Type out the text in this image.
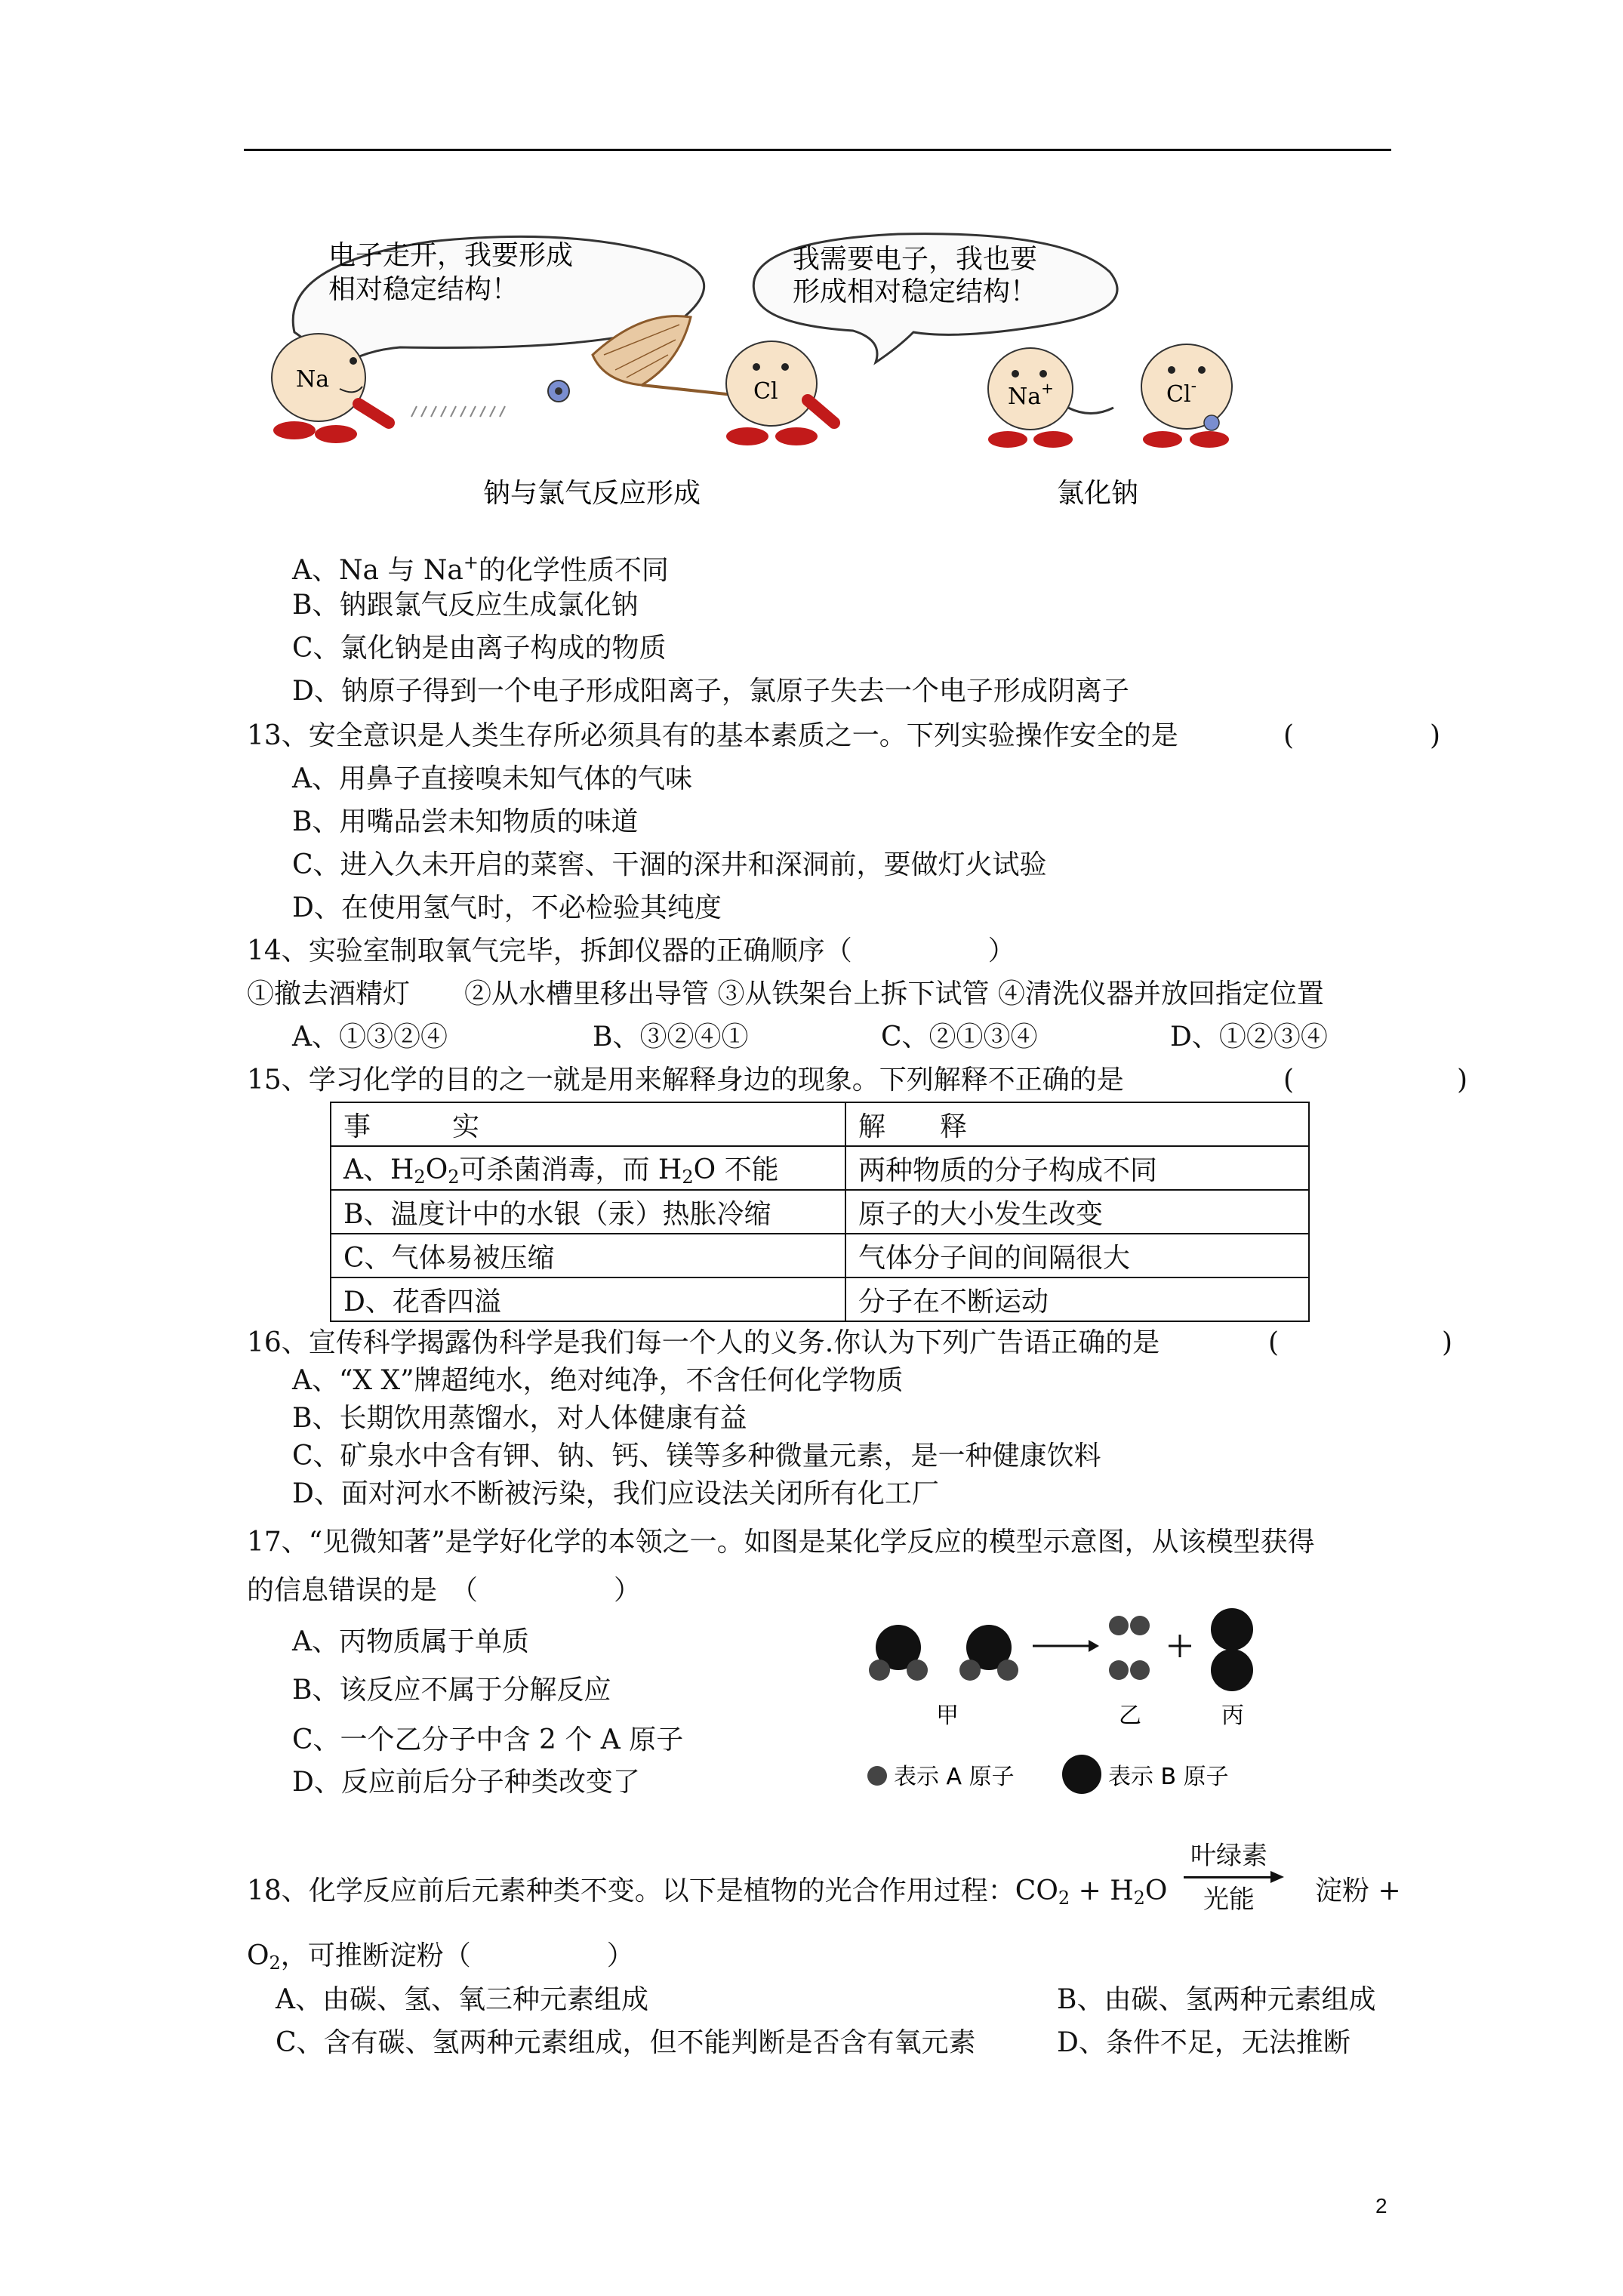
电子走开，我要形成
相对稳定结构！
我需要电子，我也要
形成相对稳定结构！
Na	Cl	Na+	Cl-
钠与氯气反应形成	氯化钠
A、Na 与 Na+的化学性质不同
B、钠跟氯气反应生成氯化钠
C、氯化钠是由离子构成的物质
D、钠原子得到一个电子形成阳离子，氯原子失去一个电子形成阴离子
13、安全意识是人类生存所必须具有的基本素质之一。下列实验操作安全的是	(　　　　　)
A、用鼻子直接嗅未知气体的气味
B、用嘴品尝未知物质的味道
C、进入久未开启的菜窖、干涸的深井和深洞前，要做灯火试验
D、在使用氢气时，不必检验其纯度
14、实验室制取氧气完毕，拆卸仪器的正确顺序（　　　　　）
①撤去酒精灯　　②从水槽里移出导管 ③从铁架台上拆下试管 ④清洗仪器并放回指定位置
A、①③②④	B、③②④①	C、②①③④	D、①②③④
15、学习化学的目的之一就是用来解释身边的现象。下列解释不正确的是	(　　　　　　)
事　　　实	解　　释
A、$H_2O_2$可杀菌消毒，而 $H_2O$ 不能	两种物质的分子构成不同
B、温度计中的水银（汞）热胀冷缩	原子的大小发生改变
C、气体易被压缩	气体分子间的间隔很大
D、花香四溢	分子在不断运动
16、宣传科学揭露伪科学是我们每一个人的义务.你认为下列广告语正确的是	(　　　　　　)
A、“X X”牌超纯水，绝对纯净，不含任何化学物质
B、长期饮用蒸馏水，对人体健康有益
C、矿泉水中含有钾、钠、钙、镁等多种微量元素，是一种健康饮料
D、面对河水不断被污染，我们应设法关闭所有化工厂
17、“见微知著”是学好化学的本领之一。如图是某化学反应的模型示意图，从该模型获得
的信息错误的是　（　　　　　）
A、丙物质属于单质
B、该反应不属于分解反应
C、一个乙分子中含 2 个 A 原子
D、反应前后分子种类改变了
甲	乙	丙
表示 A 原子	表示 B 原子
18、化学反应前后元素种类不变。以下是植物的光合作用过程：$CO_2 + H_2O$
叶绿素
光能	淀粉 +
$O_2$，可推断淀粉（　　　　　）
A、由碳、氢、氧三种元素组成	B、由碳、氢两种元素组成
C、含有碳、氢两种元素组成，但不能判断是否含有氧元素	D、条件不足，无法推断
2
